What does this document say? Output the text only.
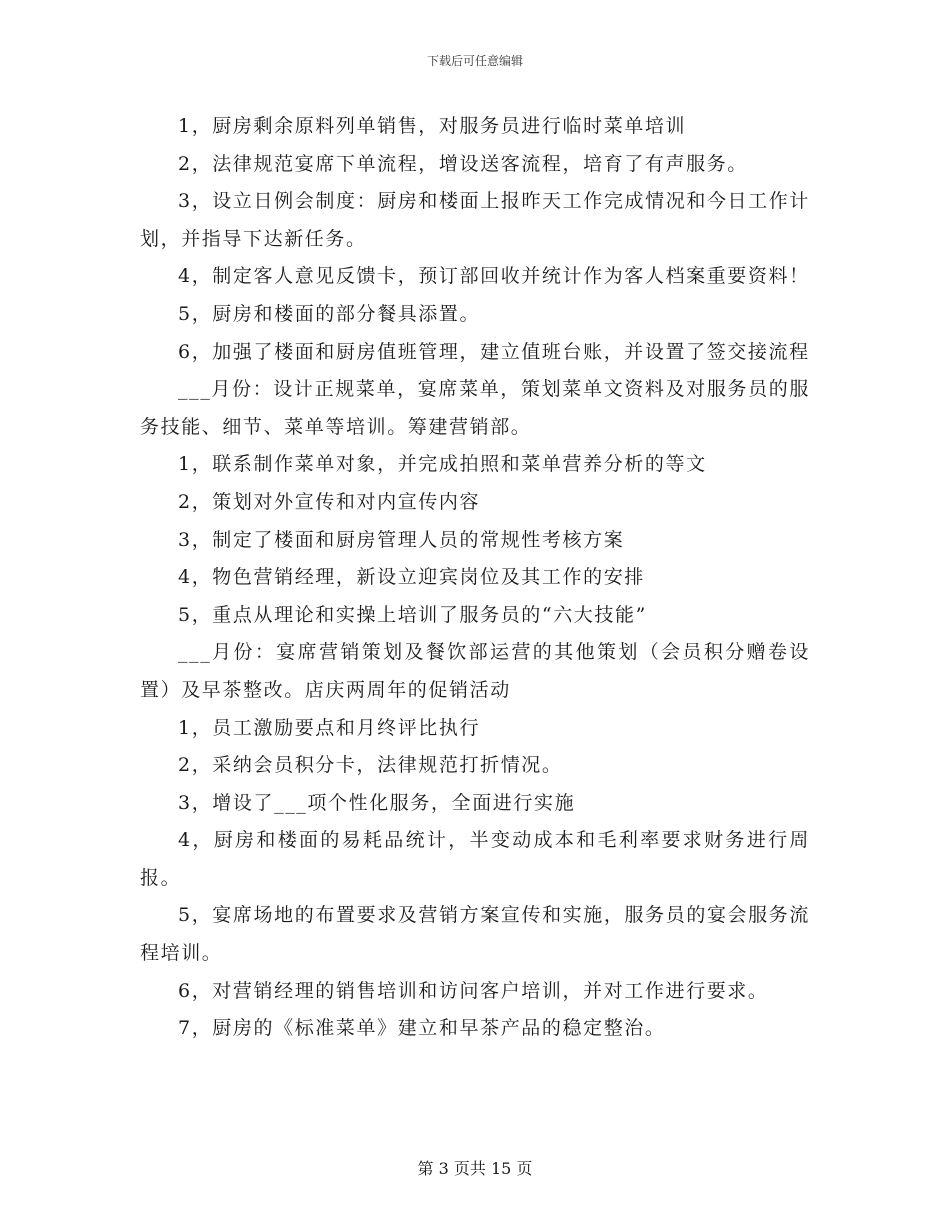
下载后可任意编辑

1，厨房剩余原料列单销售，对服务员进行临时菜单培训

2，法律规范宴席下单流程，增设送客流程，培育了有声服务。

3，设立日例会制度：厨房和楼面上报昨天工作完成情况和今日工作计划，并指导下达新任务。

4，制定客人意见反馈卡，预订部回收并统计作为客人档案重要资料！

5，厨房和楼面的部分餐具添置。

6，加强了楼面和厨房值班管理，建立值班台账，并设置了签交接流程

___月份：设计正规菜单，宴席菜单，策划菜单文资料及对服务员的服务技能、细节、菜单等培训。筹建营销部。

1，联系制作菜单对象，并完成拍照和菜单营养分析的等文

2，策划对外宣传和对内宣传内容

3，制定了楼面和厨房管理人员的常规性考核方案

4，物色营销经理，新设立迎宾岗位及其工作的安排

5，重点从理论和实操上培训了服务员的“六大技能”

___月份：宴席营销策划及餐饮部运营的其他策划（会员积分赠卷设置）及早茶整改。店庆两周年的促销活动

1，员工激励要点和月终评比执行

2，采纳会员积分卡，法律规范打折情况。

3，增设了___项个性化服务，全面进行实施

4，厨房和楼面的易耗品统计，半变动成本和毛利率要求财务进行周报。

5，宴席场地的布置要求及营销方案宣传和实施，服务员的宴会服务流程培训。

6，对营销经理的销售培训和访问客户培训，并对工作进行要求。

7，厨房的《标准菜单》建立和早茶产品的稳定整治。

第 3 页共 15 页
